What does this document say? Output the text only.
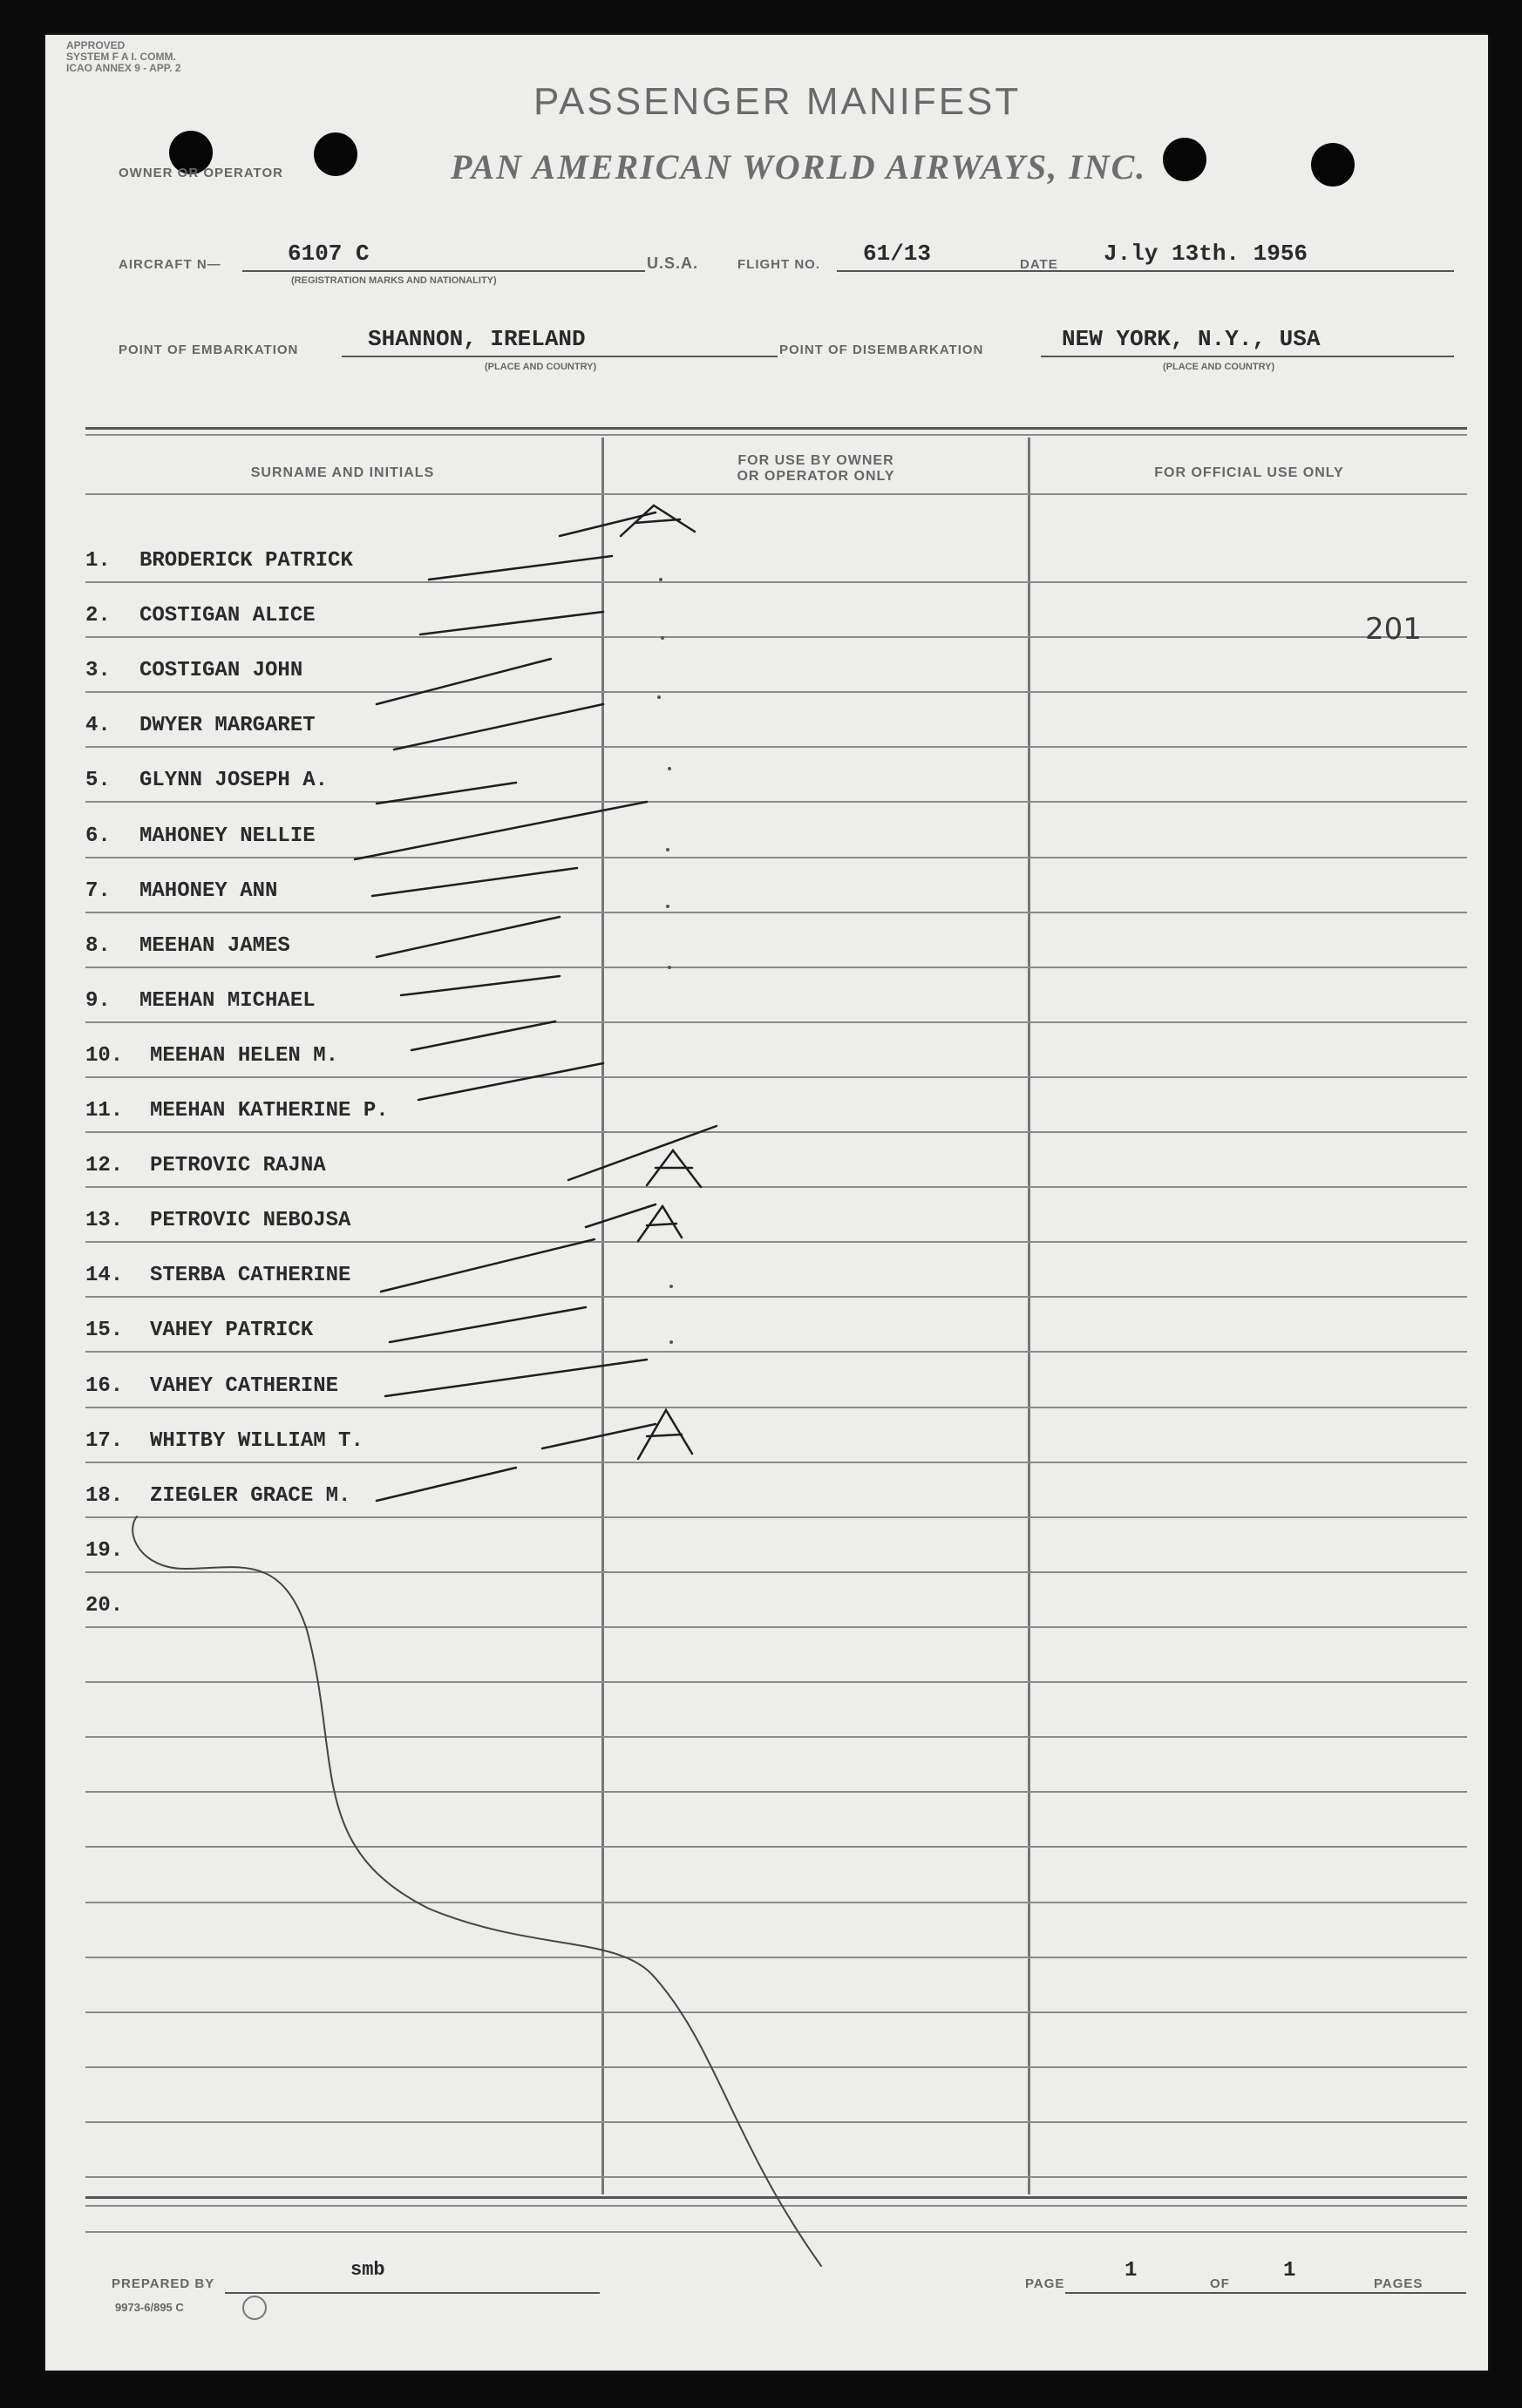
APPROVED
SYSTEM F A I. COMM.
ICAO ANNEX 9 - APP. 2
PASSENGER MANIFEST
OWNER OR OPERATOR	PAN AMERICAN WORLD AIRWAYS, INC.
AIRCRAFT N—	6107 C
(REGISTRATION MARKS AND NATIONALITY)
U.S.A.	FLIGHT NO. 61/13	DATE J.ly 13th. 1956
POINT OF EMBARKATION	SHANNON, IRELAND
(PLACE AND COUNTRY)
POINT OF DISEMBARKATION	NEW YORK, N.Y., USA
(PLACE AND COUNTRY)
SURNAME AND INITIALS
FOR USE BY OWNER
OR OPERATOR ONLY	FOR OFFICIAL USE ONLY
1.	BRODERICK PATRICK
2.	COSTIGAN ALICE
3.	COSTIGAN JOHN
4.	DWYER MARGARET
5.	GLYNN JOSEPH A.
6.	MAHONEY NELLIE
7.	MAHONEY ANN
8.	MEEHAN JAMES
9.	MEEHAN MICHAEL
10.	MEEHAN HELEN M.
11.	MEEHAN KATHERINE P.
12.	PETROVIC RAJNA
13.	PETROVIC NEBOJSA
14.	STERBA CATHERINE
15.	VAHEY PATRICK
16.	VAHEY CATHERINE
17.	WHITBY WILLIAM T.
18.	ZIEGLER GRACE M.
19.
20.
201
PREPARED BY
smb
9973-6/895 C
PAGE
1
OF
1
PAGES
